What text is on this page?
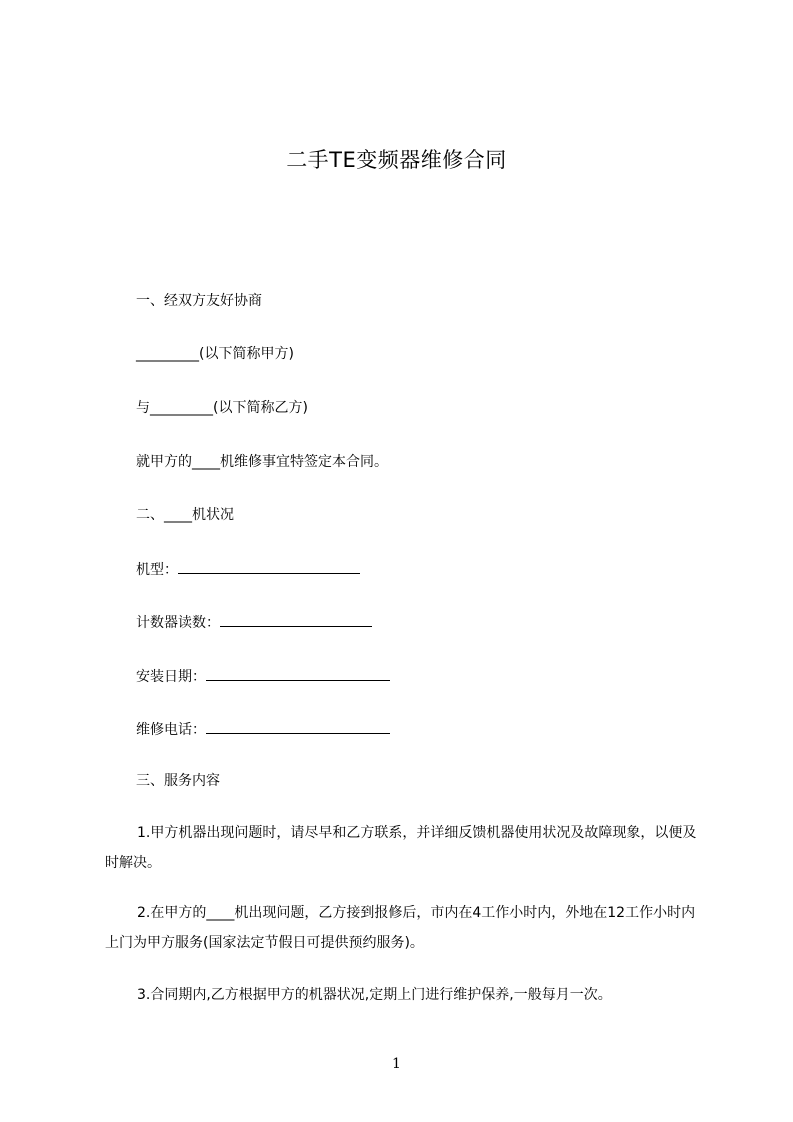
二手TE变频器维修合同
一、经双方友好协商
_________(以下简称甲方)
与_________(以下简称乙方)
就甲方的____机维修事宜特签定本合同。
二、____机状况
机型：
计数器读数：
安装日期：
维修电话：
三、服务内容
1.甲方机器出现问题时，请尽早和乙方联系，并详细反馈机器使用状况及故障现象，以便及时解决。
2.在甲方的____机出现问题，乙方接到报修后，市内在4工作小时内，外地在12工作小时内上门为甲方服务(国家法定节假日可提供预约服务)。
3.合同期内,乙方根据甲方的机器状况,定期上门进行维护保养,一般每月一次。
1
